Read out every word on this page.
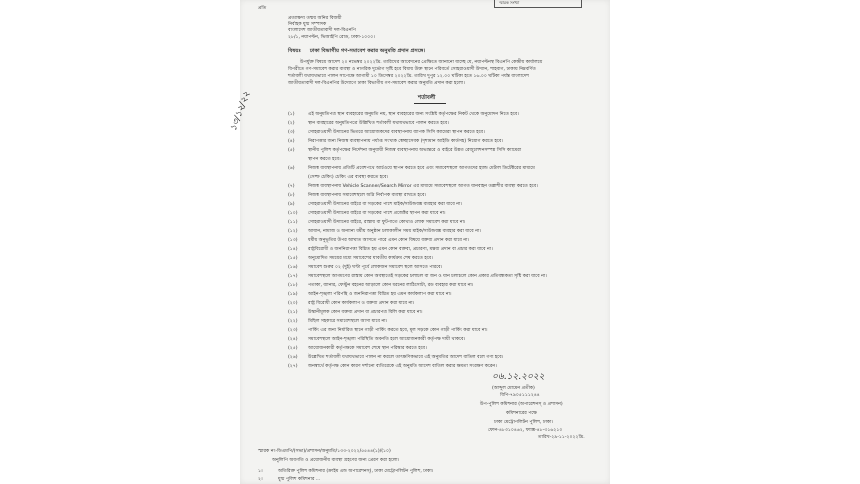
প্রতি
স্মারক সংখ্যা
প্রত্যাক্ষদ্য তন্ময় অনির বিজয়ী
নির্বাহক যুগ্ম সম্পাদক
বাংলাদেশ জাতীয়তাবাদী দল-বিএনপি
২৮/১, নয়াপল্টন, ভিআইপি রোড, ঢাকা-১০০০।
বিষয়ঃ ঢাকা বিভাগীয় গণ-সমাবেশ করার অনুমতি প্রদান প্রসঙ্গে।
উপর্যুক্ত বিষয়ে আদেশ ২০ নভেম্বর ২০২২খ্রি. তারিখের আবেদনের প্রেক্ষিতে জানানো যাচ্ছে যে, নয়াপল্টনস্থ বিএনপি কেন্দ্রীয় কার্যালয়ে
বিপরীতে গণ-সমাবেশ করার ব্যবস্থা ও নাগরিক দুর্ভোগ সৃষ্টি হবে বিধায় উক্ত স্থানে পরিবর্তে সোহরাওয়ার্দী উদ্যান, শাহবাগ, ঢাকায় নিম্নবর্ণিত
শর্তাবলী যথাযথভাবে পালন সাপেক্ষে আগামী ১০ ডিসেম্বর ২০২২খ্রি. তারিখ দুপুর ১২.০০ ঘটিকা হতে ১৬.০০ ঘটিকা পর্যন্ত বাংলাদেশ
জাতীয়তাবাদী দল-বিএনপির উদ্যোগে ঢাকা বিভাগীয় গণ-সমাবেশ করার অনুমতি প্রদান করা হলো।
শর্তাবলী
(১)	এই অনুমতিপত্র স্থান ব্যবহারের অনুমতি নয়, স্থান ব্যবহারের জন্য সংশ্লিষ্ট কর্তৃপক্ষের নিকট থেকে অনুমোদন নিতে হবে।
(২)	স্থান ব্যবহারের অনুমতিপত্রে উল্লিখিত শর্তাবলী যথাযথভাবে পালন করতে হবে।
(৩)	সোহরাওয়ার্দী উদ্যানের ভিতরে আয়োজকদের ব্যবস্থাপনায় ব্যাপক সিসি ক্যামেরা স্থাপন করতে হবে।
(৪)	নিরাপত্তার জন্য নিজস্ব ব্যবস্থাপনায় পর্যাপ্ত সংখ্যক স্বেচ্ছাসেবক (দৃশ্যমান আইডি কার্ডসহ) নিয়োগ করতে হবে।
(৫)	স্থানীয় পুলিশ কর্তৃপক্ষের নির্দেশনা অনুযায়ী নিজস্ব ব্যবস্থাপনায় অভ্যন্তরে ও বাইরে উন্নত রেজুলেশনসম্পন্ন সিসি ক্যামেরা
স্থাপন করতে হবে।
(৬)	নিজস্ব ব্যবস্থাপনায় প্রতিটি প্রবেশপথে আর্চওয়ে স্থাপন করতে হবে এবং সমাবেশস্থলে আগতদের হ্যান্ড মেটাল ডিটেক্টরের মাধ্যমে
(সেল্ফ চেকিং) চেকিং এর ব্যবস্থা করতে হবে।
(৭)	নিজস্ব ব্যবস্থাপনায় Vehicle Scanner/Search Mirror এর মাধ্যমে সমাবেশস্থলে আগত যানবাহন তল্লাশীর ব্যবস্থা করতে হবে।
(৮)	নিজস্ব ব্যবস্থাপনায় সমাবেশস্থলে অগ্নি নির্বাপক ব্যবস্থা রাখতে হবে।
(৯)	সোহরাওয়ার্দী উদ্যানের বাইরে বা সড়কের পাশে মাইক/সাউন্ডবক্স ব্যবহার করা যাবে না।
(১০) সোহরাওয়ার্দী উদ্যানের বাইরে বা সড়কের পাশে প্রজেক্টর স্থাপন করা যাবে না।
(১১) সোহরাওয়ার্দী উদ্যানের বাইরে, রাস্তায় বা ফুটপাতে কোথাও লোক সমাবেশ করা যাবে না।
(১২) আযান, নামাজ ও অন্যান্য ধর্মীয় অনুষ্ঠান চলাকালীন সময় মাইক/সাউন্ডবক্স ব্যবহার করা যাবে না।
(১৩) ধর্মীয় অনুভূতির উপর আঘাত আসতে পারে এমন কোন বিষয়ে বক্তব্য প্রদান করা যাবে না।
(১৪) রাষ্ট্রবিরোধী ও জননিরাপত্তা বিঘ্নিত হয় এমন কোন বক্তব্য, প্রচারণা, মন্তব্য প্রদান বা প্রচার করা যাবে না।
(১৫) অনুমোদিত সময়ের মধ্যে সমাবেশের যাবতীয় কার্যক্রম শেষ করতে হবে।
(১৬) সমাবেশ শুরুর ০২ (দুই) ঘণ্টা পূর্বে লোকজন সমাবেশ স্থলে আসতে পারবে।
(১৭) সমাবেশস্থলে আগমণের রাস্তায় কোন অবস্থাতেই সড়কের চলাচল বা জন ও যান চলাচলে কোন প্রকার প্রতিবন্ধকতা সৃষ্টি করা যাবে না।
(১৮) পতাকা, ব্যানার, ফেস্টুন বহনের আড়ালে কোন ধরনের লাঠিসোটা, রড ব্যবহার করা যাবে না।
(১৯) আইন-শৃঙ্খলা পরিপন্থি ও জননিরাপত্তা বিঘ্নিত হয় এমন কার্যকলাপ করা যাবে না।
(২০) রাষ্ট্র বিরোধী কোন কার্যকলাপ ও বক্তব্য প্রদান করা যাবে না।
(২১) উস্কানীমূলক কোন বক্তব্য প্রদান বা প্রচারপত্র বিলি করা যাবে না।
(২২) মিছিল সহকারে সমাবেশস্থলে আসা যাবে না।
(২৩) পার্কিং এর জন্য নির্ধারিত স্থানে গাড়ী পার্কিং করতে হবে, মূল সড়কে কোন গাড়ী পার্কিং করা যাবে না।
(২৪) সমাবেশস্থলে আইন-শৃঙ্খলা পরিস্থিতি অবনতি হলে আয়োজনকারী কর্তৃপক্ষ দায়ী থাকবে।
(২৫) আয়োজনকারী কর্তৃপক্ষকে সমাবেশ শেষে স্থান পরিষ্কার করতে হবে।
(২৬) উল্লেখিত শর্তাবলী যথাযথভাবে পালন না করলে তাৎক্ষণিকভাবে এই অনুমতির আদেশ বাতিল বলে গণ্য হবে।
(২৭) জনস্বার্থে কর্তৃপক্ষ কোন কারণ দর্শানো ব্যতিরেকে এই অনুমতি আদেশ বাতিল করার ক্ষমতা সংরক্ষণ করেন।
০৬.১২.২০২২
(আব্দুল মোমেন প্রতীক)
বিপি-৭৯০৫১১১২৪৪
উপ-পুলিশ কমিশনার (অপারেশনস্ ও প্রশাসন)
কমিশনারের পক্ষে
ঢাকা মেট্রোপলিটন পুলিশ, ঢাকা।
ফোন-৪৮৩১০৪৬২, ফ্যাক্স-৪৮-৩১৬২১০
তারিখ-২৯-১১-২০২২খ্রি.
স্মারক নং-ডিএমপি/(সভা)/প্রশাসন/অনুমতি/১৩৩-২০২২/৫৫৪৪(১)/(১০)
অনুলিপি অবগতি ও প্রয়োজনীয় ব্যবস্থা গ্রহণের জন্য প্রেরণ করা হলো।
১।	অতিরিক্ত পুলিশ কমিশনার (ক্রাইম এন্ড অপারেশনস্), ঢাকা মেট্রোপলিটন পুলিশ, ঢাকা।
২।	যুগ্ম পুলিশ কমিশনার ...
১৩/১২/২২
